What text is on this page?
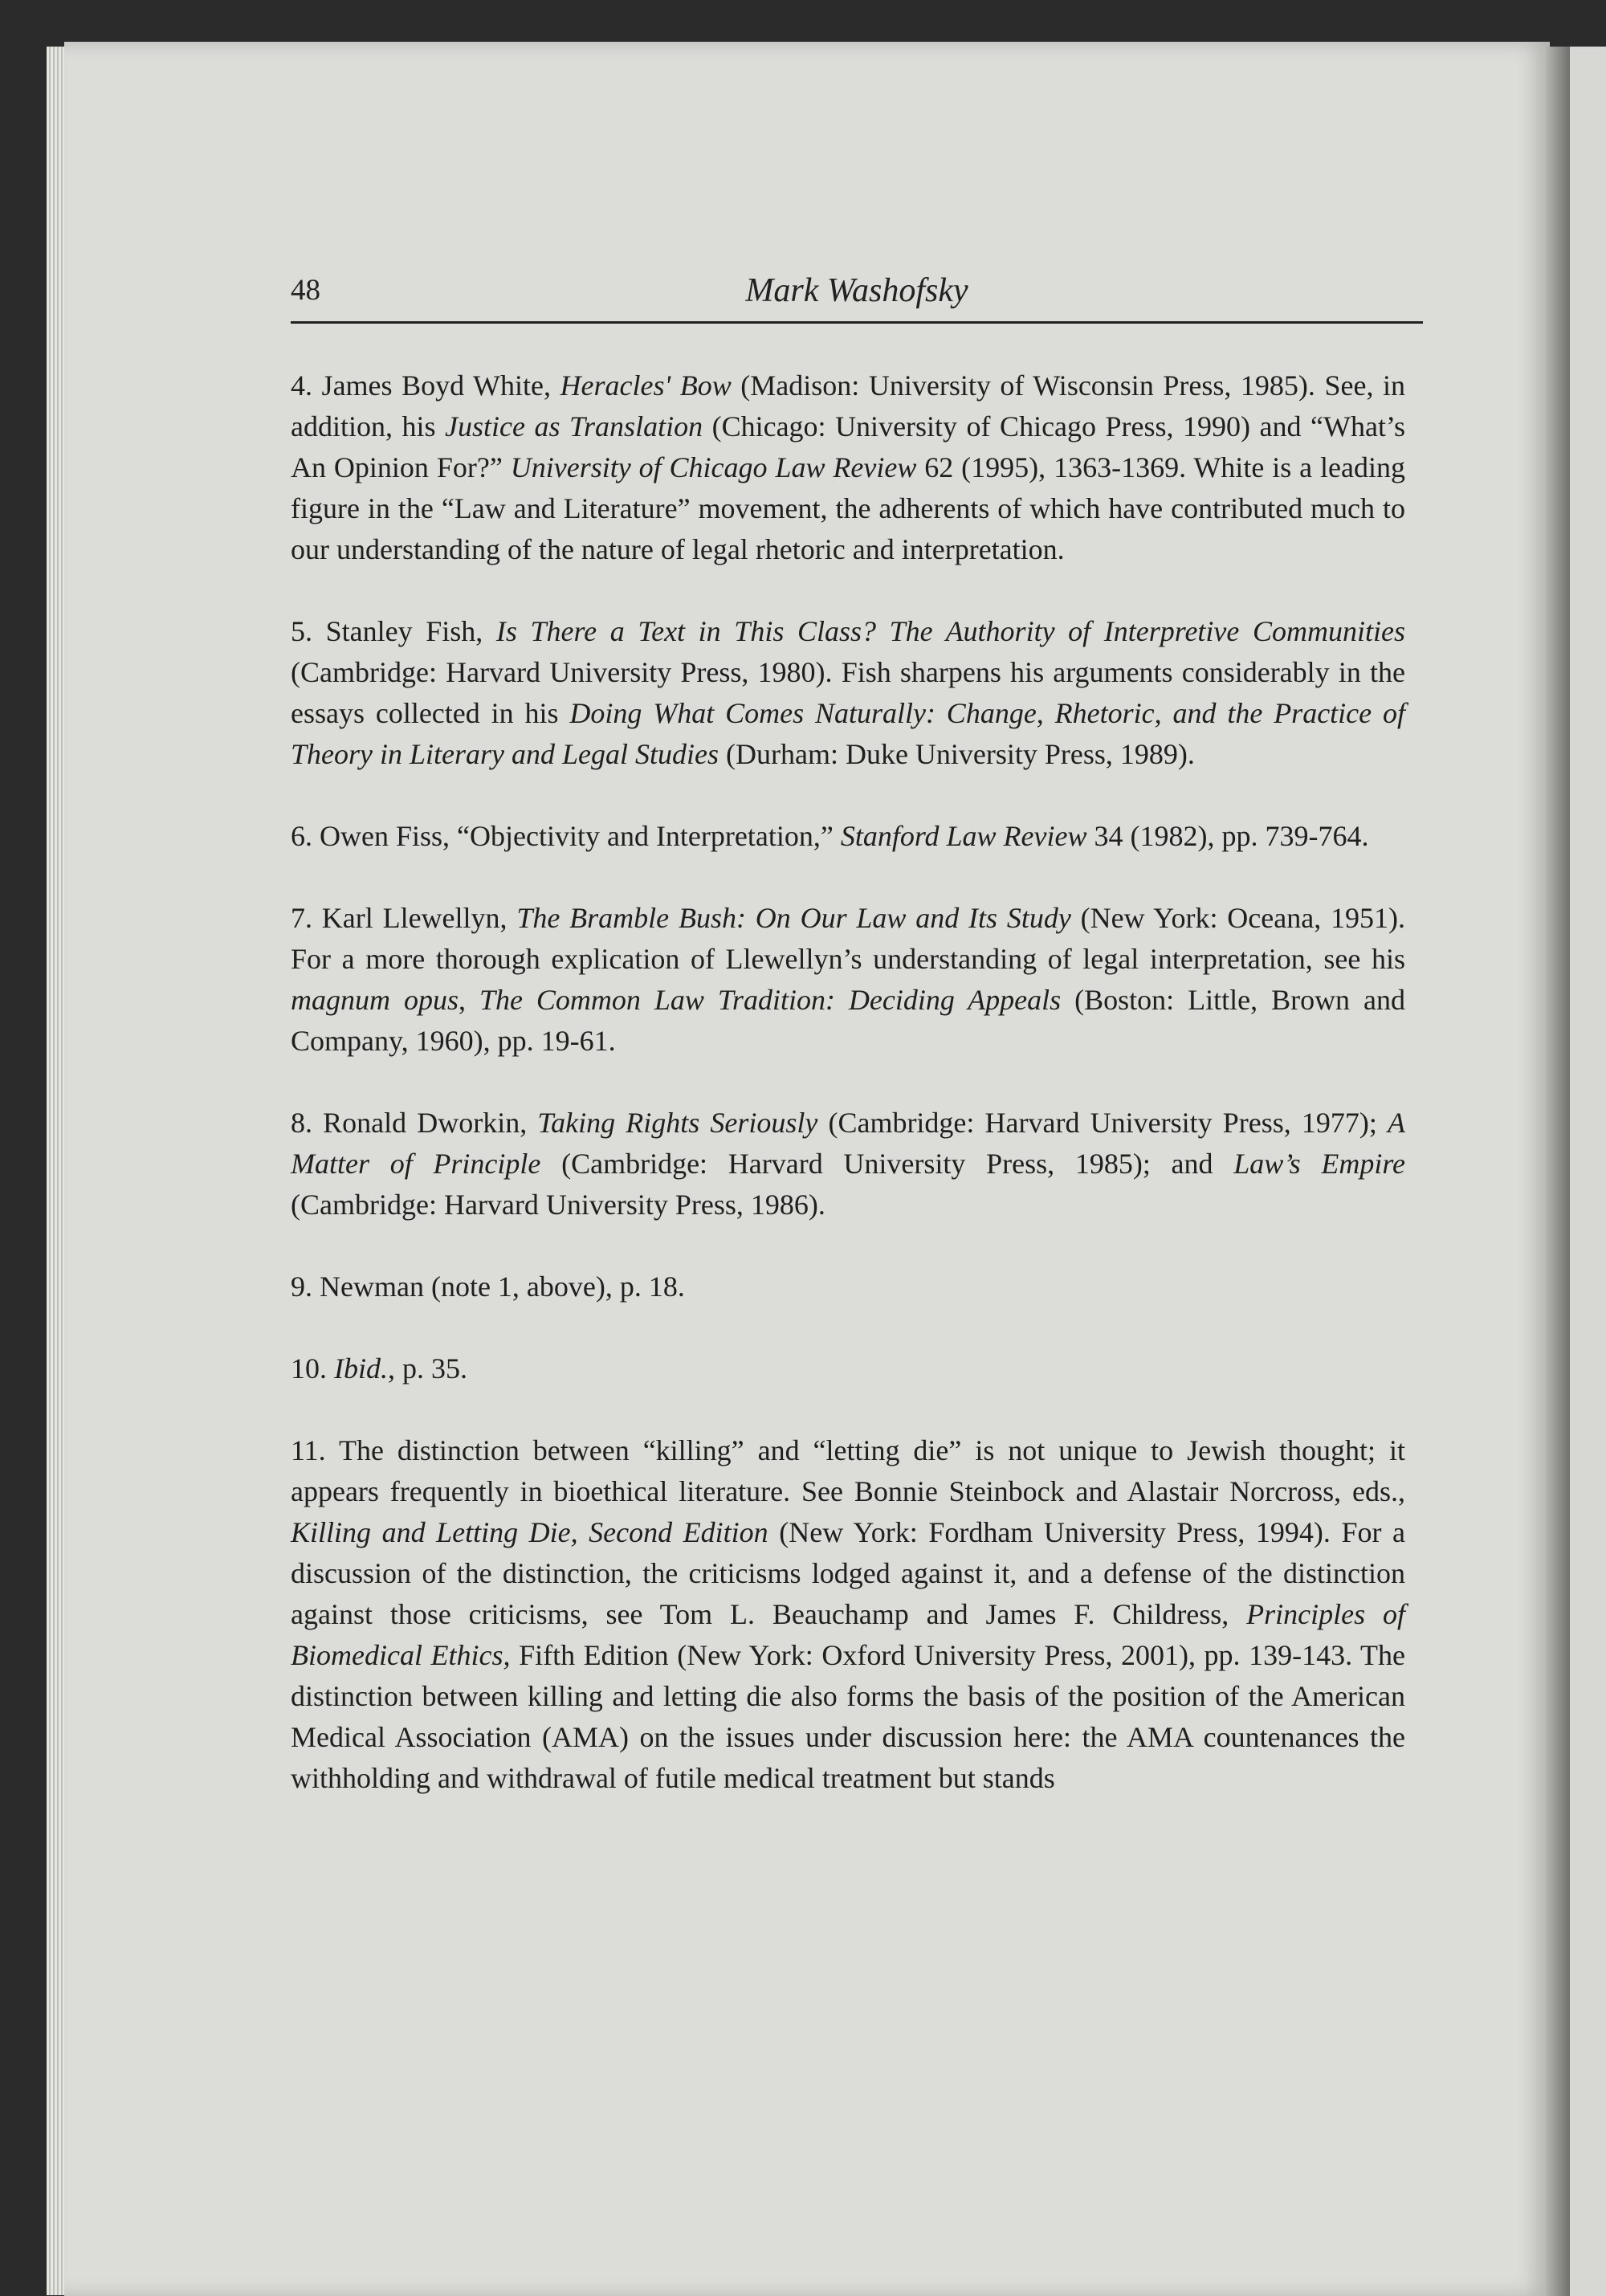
48	Mark Washofsky

4. James Boyd White, Heracles' Bow (Madison: University of Wisconsin Press, 1985). See, in addition, his Justice as Translation (Chicago: University of Chicago Press, 1990) and “What’s An Opinion For?” University of Chicago Law Review 62 (1995), 1363-1369. White is a leading figure in the “Law and Literature” movement, the adherents of which have contributed much to our understanding of the nature of legal rhetoric and interpretation.

5. Stanley Fish, Is There a Text in This Class? The Authority of Interpretive Communities (Cambridge: Harvard University Press, 1980). Fish sharpens his arguments considerably in the essays collected in his Doing What Comes Naturally: Change, Rhetoric, and the Practice of Theory in Literary and Legal Studies (Durham: Duke University Press, 1989).

6. Owen Fiss, “Objectivity and Interpretation,” Stanford Law Review 34 (1982), pp. 739-764.

7. Karl Llewellyn, The Bramble Bush: On Our Law and Its Study (New York: Oceana, 1951). For a more thorough explication of Llewellyn’s understanding of legal interpretation, see his magnum opus, The Common Law Tradition: Deciding Appeals (Boston: Little, Brown and Company, 1960), pp. 19-61.

8. Ronald Dworkin, Taking Rights Seriously (Cambridge: Harvard University Press, 1977); A Matter of Principle (Cambridge: Harvard University Press, 1985); and Law’s Empire (Cambridge: Harvard University Press, 1986).

9. Newman (note 1, above), p. 18.

10. Ibid., p. 35.

11. The distinction between “killing” and “letting die” is not unique to Jewish thought; it appears frequently in bioethical literature. See Bonnie Steinbock and Alastair Norcross, eds., Killing and Letting Die, Second Edition (New York: Fordham University Press, 1994). For a discussion of the distinction, the criticisms lodged against it, and a defense of the distinction against those criticisms, see Tom L. Beauchamp and James F. Childress, Principles of Biomedical Ethics, Fifth Edition (New York: Oxford University Press, 2001), pp. 139-143. The distinction between killing and letting die also forms the basis of the position of the American Medical Association (AMA) on the issues under discussion here: the AMA countenances the withholding and withdrawal of futile medical treatment but stands
